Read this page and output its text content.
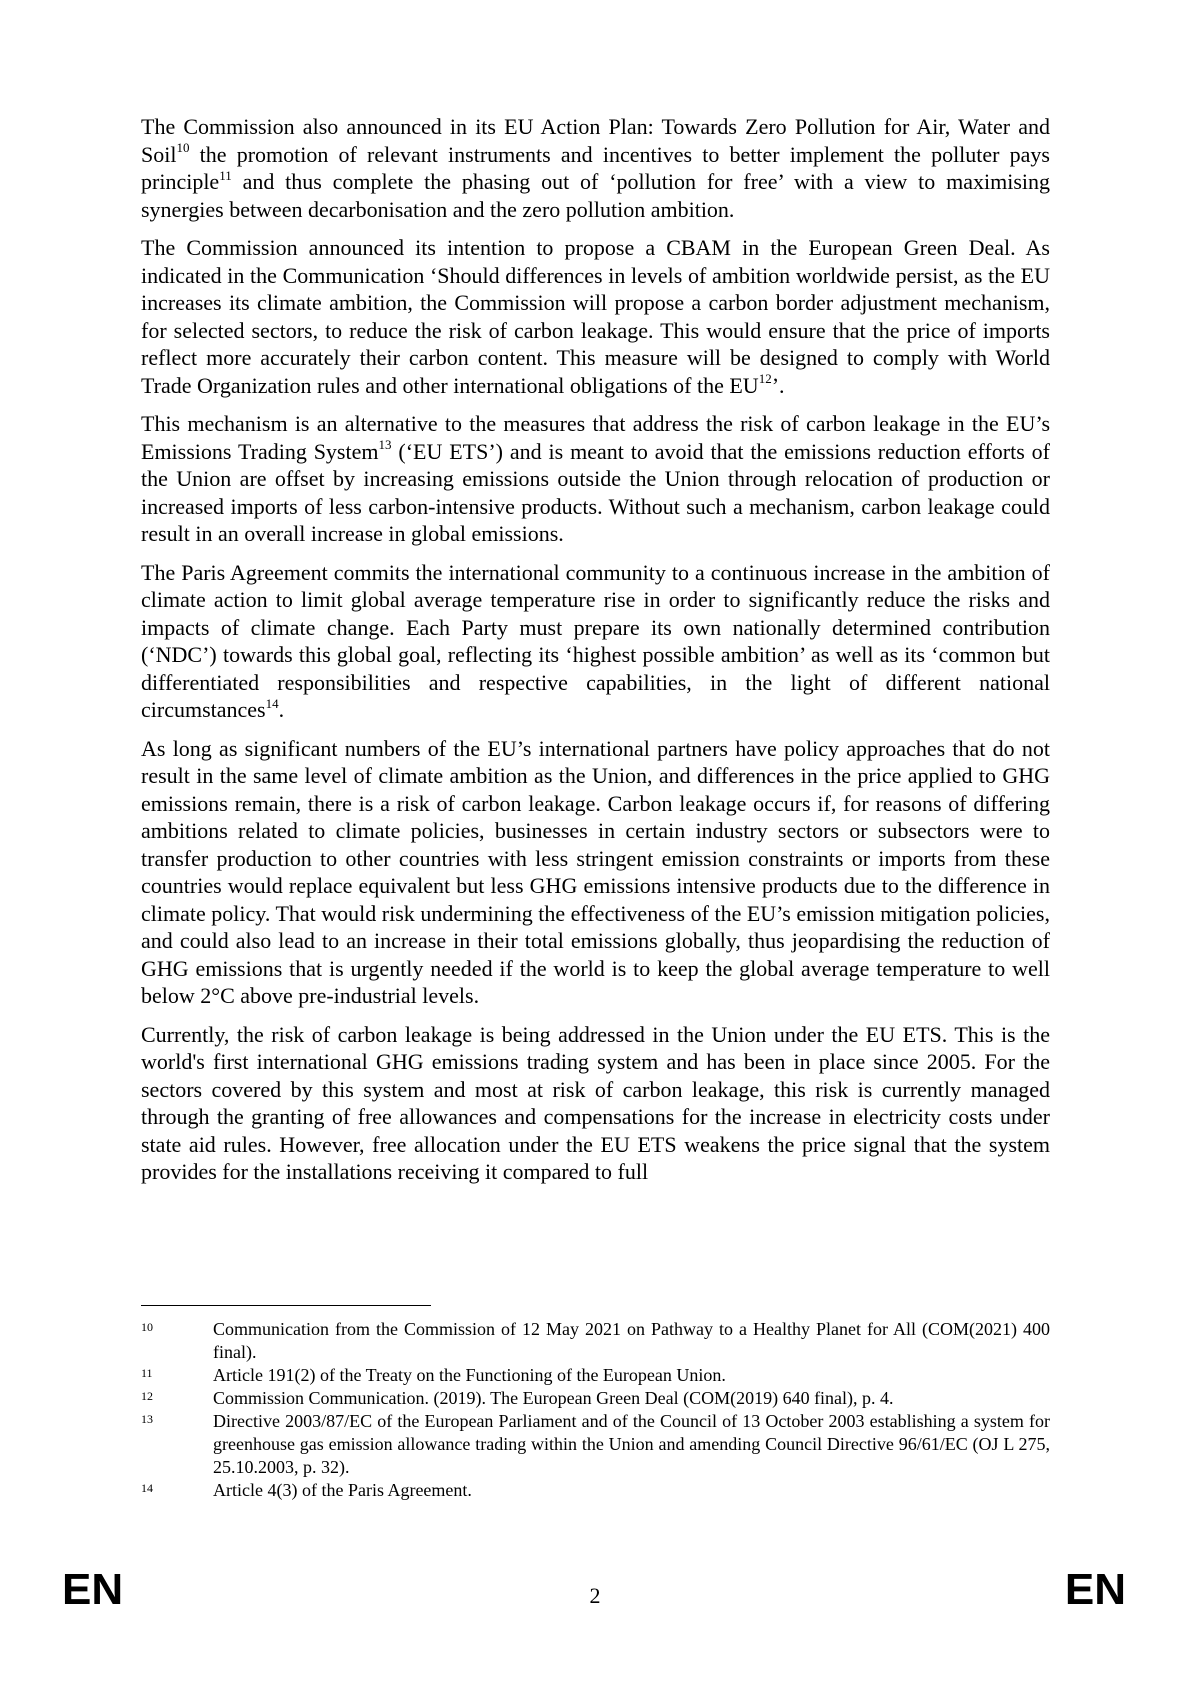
The Commission also announced in its EU Action Plan: Towards Zero Pollution for Air, Water and Soil$^{10}$ the promotion of relevant instruments and incentives to better implement the polluter pays principle$^{11}$ and thus complete the phasing out of ‘pollution for free’ with a view to maximising synergies between decarbonisation and the zero pollution ambition.

The Commission announced its intention to propose a CBAM in the European Green Deal. As indicated in the Communication ‘Should differences in levels of ambition worldwide persist, as the EU increases its climate ambition, the Commission will propose a carbon border adjustment mechanism, for selected sectors, to reduce the risk of carbon leakage. This would ensure that the price of imports reflect more accurately their carbon content. This measure will be designed to comply with World Trade Organization rules and other international obligations of the EU$^{12}$’.

This mechanism is an alternative to the measures that address the risk of carbon leakage in the EU’s Emissions Trading System$^{13}$ (‘EU ETS’) and is meant to avoid that the emissions reduction efforts of the Union are offset by increasing emissions outside the Union through relocation of production or increased imports of less carbon-intensive products. Without such a mechanism, carbon leakage could result in an overall increase in global emissions.

The Paris Agreement commits the international community to a continuous increase in the ambition of climate action to limit global average temperature rise in order to significantly reduce the risks and impacts of climate change. Each Party must prepare its own nationally determined contribution (‘NDC’) towards this global goal, reflecting its ‘highest possible ambition’ as well as its ‘common but differentiated responsibilities and respective capabilities, in the light of different national circumstances$^{14}$.

As long as significant numbers of the EU’s international partners have policy approaches that do not result in the same level of climate ambition as the Union, and differences in the price applied to GHG emissions remain, there is a risk of carbon leakage. Carbon leakage occurs if, for reasons of differing ambitions related to climate policies, businesses in certain industry sectors or subsectors were to transfer production to other countries with less stringent emission constraints or imports from these countries would replace equivalent but less GHG emissions intensive products due to the difference in climate policy. That would risk undermining the effectiveness of the EU’s emission mitigation policies, and could also lead to an increase in their total emissions globally, thus jeopardising the reduction of GHG emissions that is urgently needed if the world is to keep the global average temperature to well below 2°C above pre-industrial levels.

Currently, the risk of carbon leakage is being addressed in the Union under the EU ETS. This is the world's first international GHG emissions trading system and has been in place since 2005. For the sectors covered by this system and most at risk of carbon leakage, this risk is currently managed through the granting of free allowances and compensations for the increase in electricity costs under state aid rules. However, free allocation under the EU ETS weakens the price signal that the system provides for the installations receiving it compared to full

10	Communication from the Commission of 12 May 2021 on Pathway to a Healthy Planet for All (COM(2021) 400 final).
11	Article 191(2) of the Treaty on the Functioning of the European Union.
12	Commission Communication. (2019). The European Green Deal (COM(2019) 640 final), p. 4.
13	Directive 2003/87/EC of the European Parliament and of the Council of 13 October 2003 establishing a system for greenhouse gas emission allowance trading within the Union and amending Council Directive 96/61/EC (OJ L 275, 25.10.2003, p. 32).
14	Article 4(3) of the Paris Agreement.
EN	2	EN
